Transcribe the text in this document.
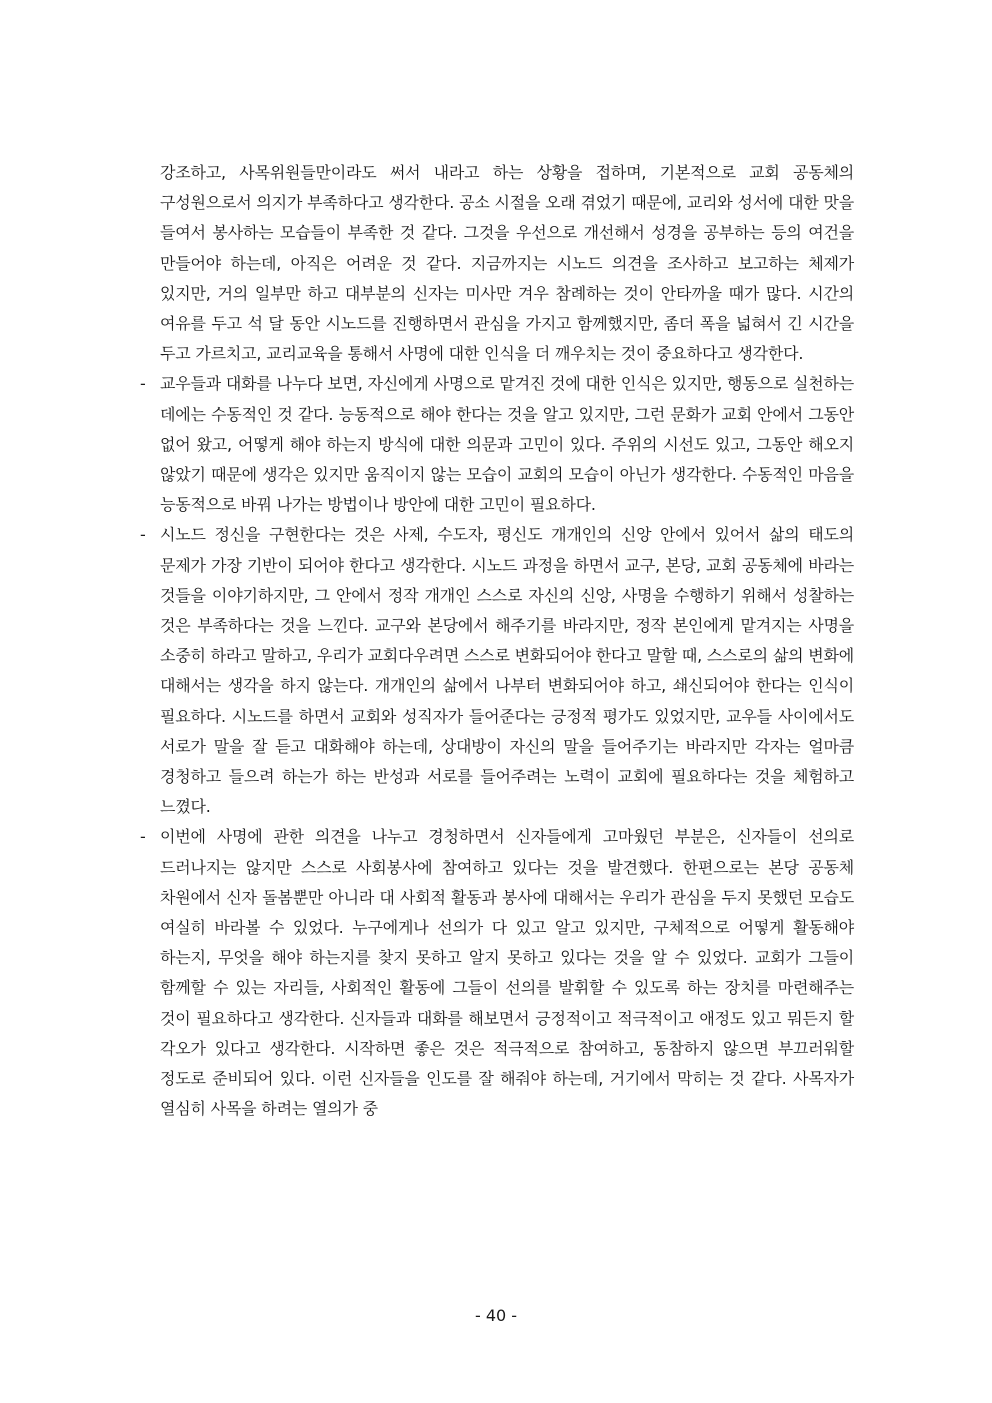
강조하고, 사목위원들만이라도 써서 내라고 하는 상황을 접하며, 기본적으로 교회 공동체의 구성원으로서 의지가 부족하다고 생각한다. 공소 시절을 오래 겪었기 때문에, 교리와 성서에 대한 맛을 들여서 봉사하는 모습들이 부족한 것 같다. 그것을 우선으로 개선해서 성경을 공부하는 등의 여건을 만들어야 하는데, 아직은 어려운 것 같다. 지금까지는 시노드 의견을 조사하고 보고하는 체제가 있지만, 거의 일부만 하고 대부분의 신자는 미사만 겨우 참례하는 것이 안타까울 때가 많다. 시간의 여유를 두고 석 달 동안 시노드를 진행하면서 관심을 가지고 함께했지만, 좀더 폭을 넓혀서 긴 시간을 두고 가르치고, 교리교육을 통해서 사명에 대한 인식을 더 깨우치는 것이 중요하다고 생각한다.

- 교우들과 대화를 나누다 보면, 자신에게 사명으로 맡겨진 것에 대한 인식은 있지만, 행동으로 실천하는 데에는 수동적인 것 같다. 능동적으로 해야 한다는 것을 알고 있지만, 그런 문화가 교회 안에서 그동안 없어 왔고, 어떻게 해야 하는지 방식에 대한 의문과 고민이 있다. 주위의 시선도 있고, 그동안 해오지 않았기 때문에 생각은 있지만 움직이지 않는 모습이 교회의 모습이 아닌가 생각한다. 수동적인 마음을 능동적으로 바꿔 나가는 방법이나 방안에 대한 고민이 필요하다.

- 시노드 정신을 구현한다는 것은 사제, 수도자, 평신도 개개인의 신앙 안에서 있어서 삶의 태도의 문제가 가장 기반이 되어야 한다고 생각한다. 시노드 과정을 하면서 교구, 본당, 교회 공동체에 바라는 것들을 이야기하지만, 그 안에서 정작 개개인 스스로 자신의 신앙, 사명을 수행하기 위해서 성찰하는 것은 부족하다는 것을 느낀다. 교구와 본당에서 해주기를 바라지만, 정작 본인에게 맡겨지는 사명을 소중히 하라고 말하고, 우리가 교회다우려면 스스로 변화되어야 한다고 말할 때, 스스로의 삶의 변화에 대해서는 생각을 하지 않는다. 개개인의 삶에서 나부터 변화되어야 하고, 쇄신되어야 한다는 인식이 필요하다. 시노드를 하면서 교회와 성직자가 들어준다는 긍정적 평가도 있었지만, 교우들 사이에서도 서로가 말을 잘 듣고 대화해야 하는데, 상대방이 자신의 말을 들어주기는 바라지만 각자는 얼마큼 경청하고 들으려 하는가 하는 반성과 서로를 들어주려는 노력이 교회에 필요하다는 것을 체험하고 느꼈다.

- 이번에 사명에 관한 의견을 나누고 경청하면서 신자들에게 고마웠던 부분은, 신자들이 선의로 드러나지는 않지만 스스로 사회봉사에 참여하고 있다는 것을 발견했다. 한편으로는 본당 공동체 차원에서 신자 돌봄뿐만 아니라 대 사회적 활동과 봉사에 대해서는 우리가 관심을 두지 못했던 모습도 여실히 바라볼 수 있었다. 누구에게나 선의가 다 있고 알고 있지만, 구체적으로 어떻게 활동해야 하는지, 무엇을 해야 하는지를 찾지 못하고 알지 못하고 있다는 것을 알 수 있었다. 교회가 그들이 함께할 수 있는 자리들, 사회적인 활동에 그들이 선의를 발휘할 수 있도록 하는 장치를 마련해주는 것이 필요하다고 생각한다. 신자들과 대화를 해보면서 긍정적이고 적극적이고 애정도 있고 뭐든지 할 각오가 있다고 생각한다. 시작하면 좋은 것은 적극적으로 참여하고, 동참하지 않으면 부끄러워할 정도로 준비되어 있다. 이런 신자들을 인도를 잘 해줘야 하는데, 거기에서 막히는 것 같다. 사목자가 열심히 사목을 하려는 열의가 중

- 40 -
